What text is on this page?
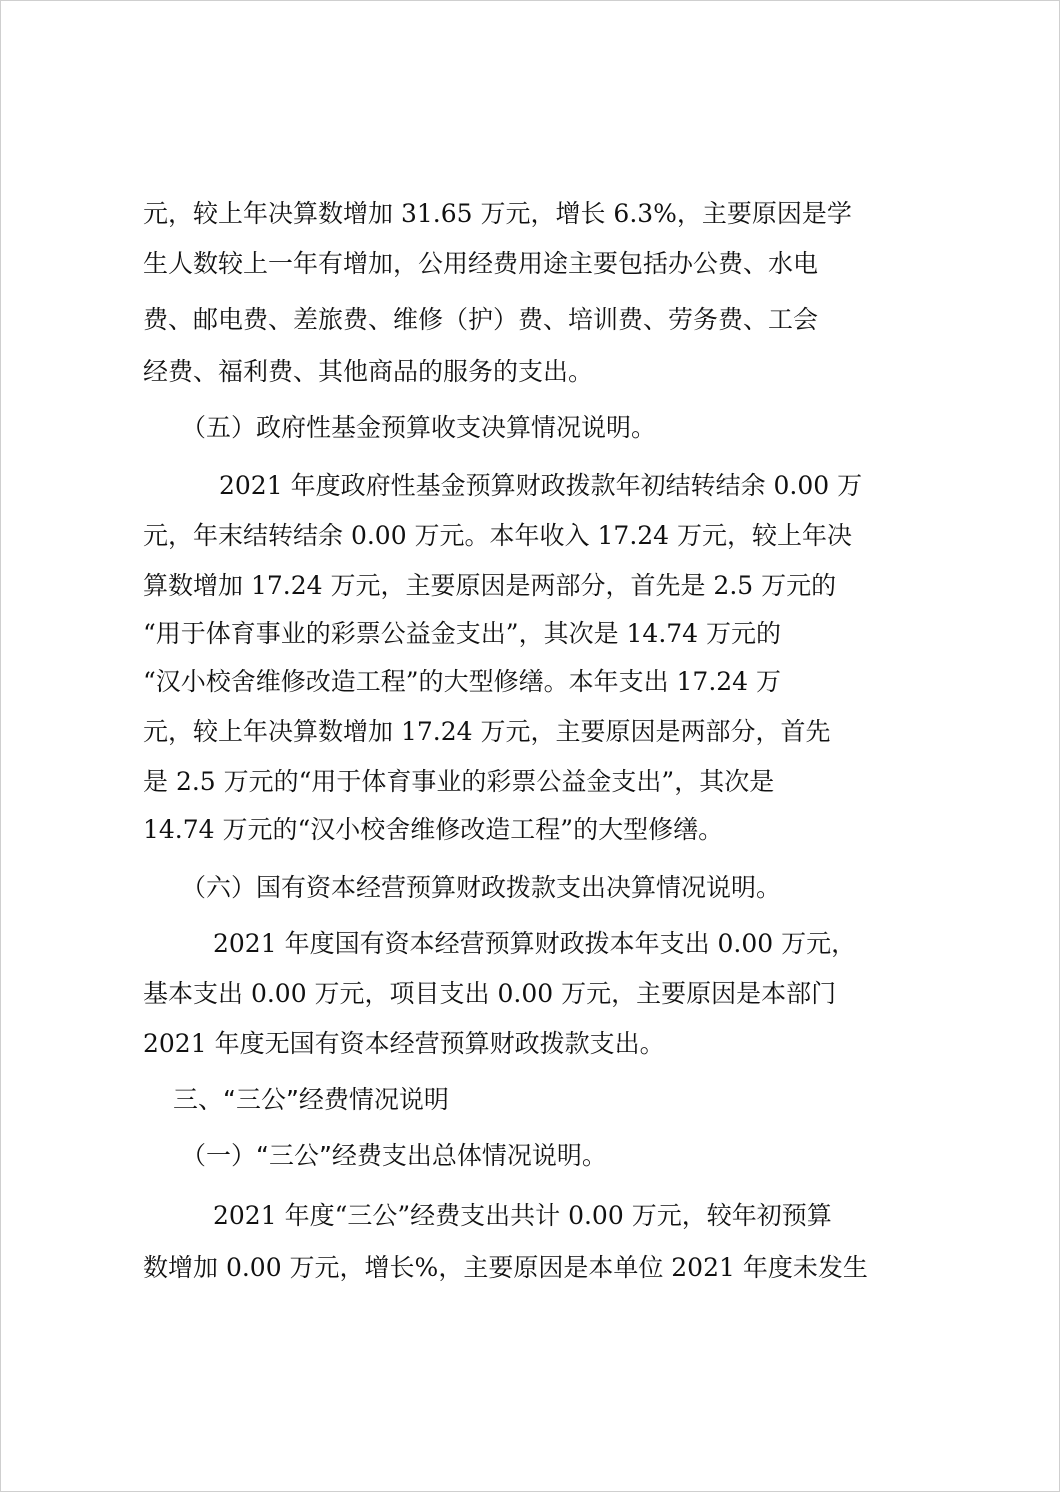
元，较上年决算数增加 31.65 万元，增长 6.3%，主要原因是学
生人数较上一年有增加，公用经费用途主要包括办公费、水电
费、邮电费、差旅费、维修（护）费、培训费、劳务费、工会
经费、福利费、其他商品的服务的支出。
（五）政府性基金预算收支决算情况说明。
2021 年度政府性基金预算财政拨款年初结转结余 0.00 万
元，年末结转结余 0.00 万元。本年收入 17.24 万元，较上年决
算数增加 17.24 万元，主要原因是两部分，首先是 2.5 万元的
“用于体育事业的彩票公益金支出”，其次是 14.74 万元的
“汉小校舍维修改造工程”的大型修缮。本年支出 17.24 万
元，较上年决算数增加 17.24 万元，主要原因是两部分，首先
是 2.5 万元的“用于体育事业的彩票公益金支出”，其次是
14.74 万元的“汉小校舍维修改造工程”的大型修缮。
（六）国有资本经营预算财政拨款支出决算情况说明。
2021 年度国有资本经营预算财政拨本年支出 0.00 万元，
基本支出 0.00 万元，项目支出 0.00 万元，主要原因是本部门
2021 年度无国有资本经营预算财政拨款支出。
三、“三公”经费情况说明
（一）“三公”经费支出总体情况说明。
2021 年度“三公”经费支出共计 0.00 万元，较年初预算
数增加 0.00 万元，增长%，主要原因是本单位 2021 年度未发生
